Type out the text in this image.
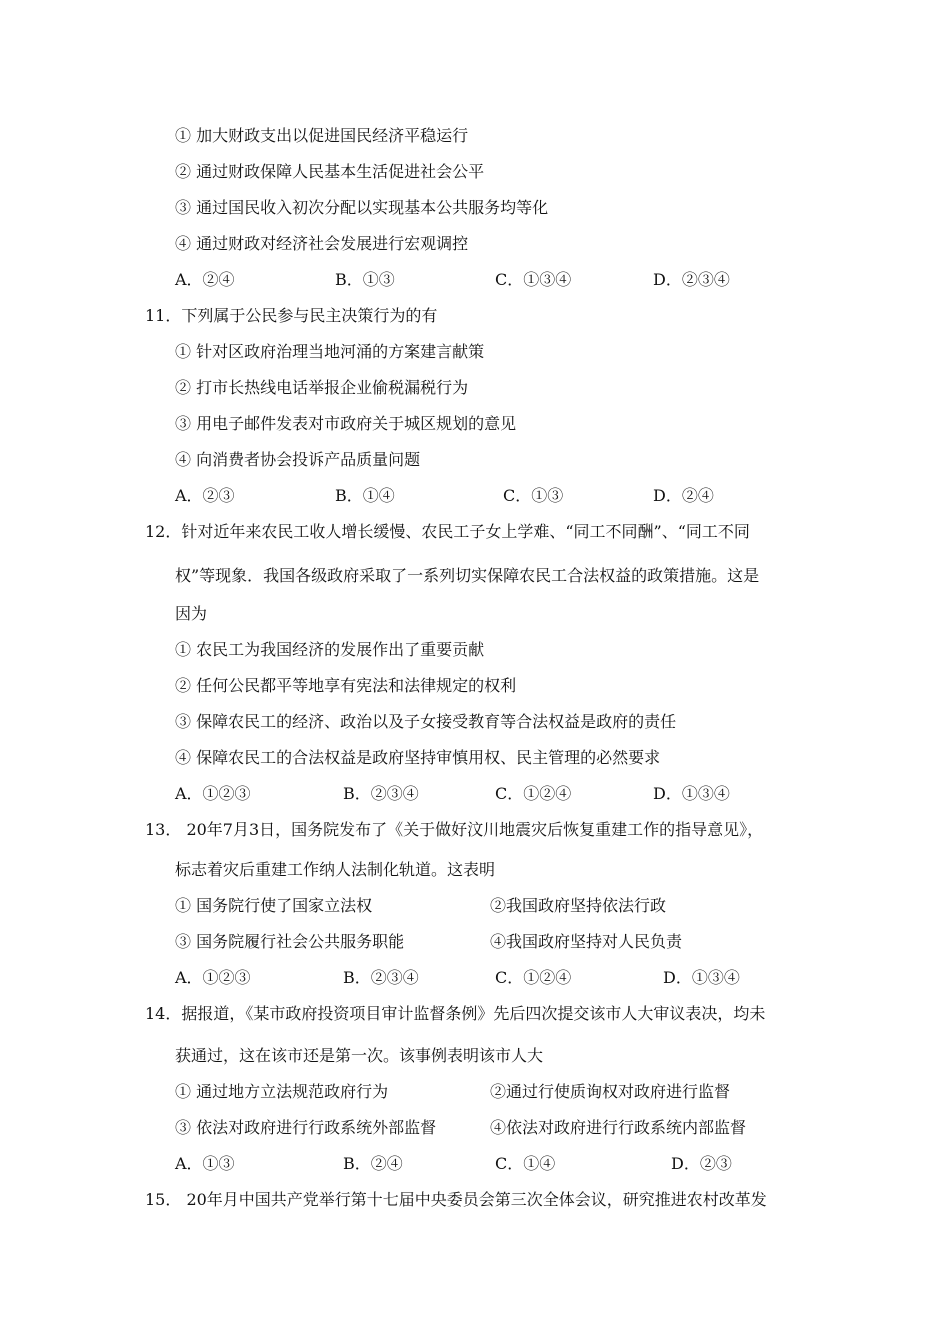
① 加大财政支出以促进国民经济平稳运行
② 通过财政保障人民基本生活促进社会公平
③ 通过国民收入初次分配以实现基本公共服务均等化
④ 通过财政对经济社会发展进行宏观调控
A．②④	B．①③	C．①③④	D．②③④
11．下列属于公民参与民主决策行为的有
① 针对区政府治理当地河涌的方案建言献策
② 打市长热线电话举报企业偷税漏税行为
③ 用电子邮件发表对市政府关于城区规划的意见
④ 向消费者协会投诉产品质量问题
A．②③	B．①④	C．①③	D．②④
12．针对近年来农民工收人增长缓慢、农民工子女上学难、“同工不同酬”、“同工不同
权”等现象．我国各级政府采取了一系列切实保障农民工合法权益的政策措施。这是
因为
① 农民工为我国经济的发展作出了重要贡献
② 任何公民都平等地享有宪法和法律规定的权利
③ 保障农民工的经济、政治以及子女接受教育等合法权益是政府的责任
④ 保障农民工的合法权益是政府坚持审慎用权、民主管理的必然要求
A．①②③	B．②③④	C．①②④	D．①③④
13． 20年7月3日，国务院发布了《关于做好汶川地震灾后恢复重建工作的指导意见》，
标志着灾后重建工作纳人法制化轨道。这表明
① 国务院行使了国家立法权	②我国政府坚持依法行政
③ 国务院履行社会公共服务职能	④我国政府坚持对人民负责
A．①②③	B．②③④	C．①②④	D．①③④
14．据报道，《某市政府投资项目审计监督条例》先后四次提交该市人大审议表决，均未
获通过，这在该市还是第一次。该事例表明该市人大
① 通过地方立法规范政府行为	②通过行使质询权对政府进行监督
③ 依法对政府进行行政系统外部监督	④依法对政府进行行政系统内部监督
A．①③	B．②④	C．①④	D．②③
15． 20年月中国共产党举行第十七届中央委员会第三次全体会议，研究推进农村改革发
